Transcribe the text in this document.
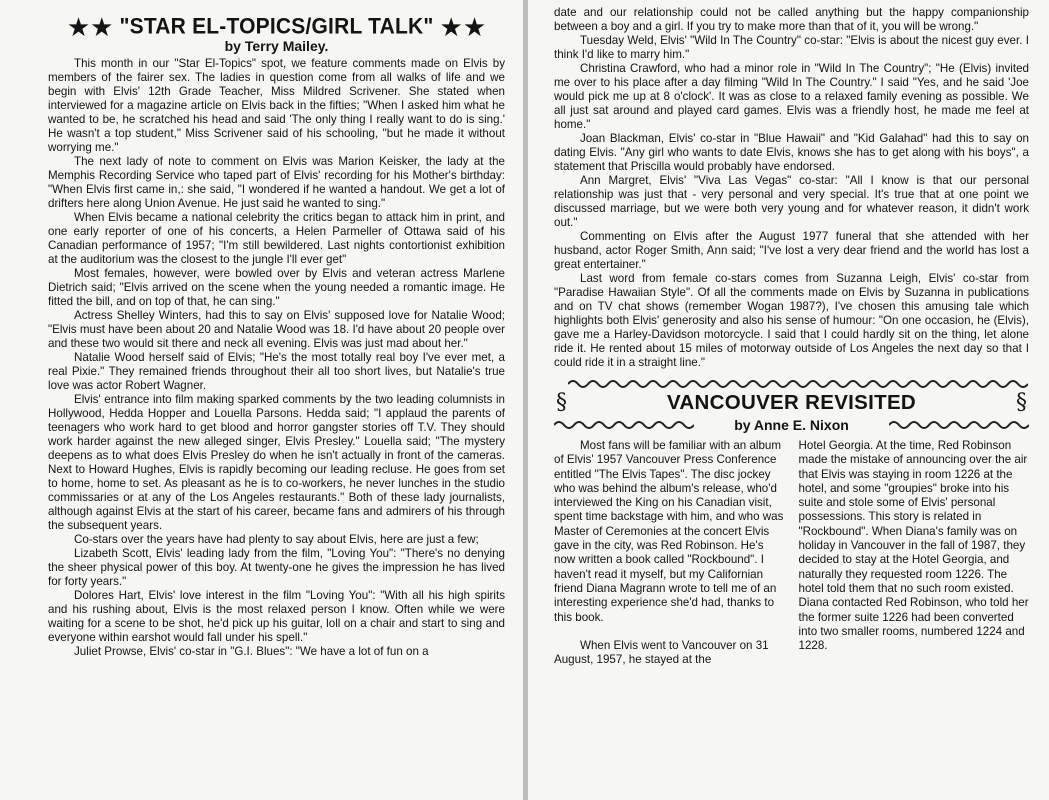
★★ "STAR EL-TOPICS/GIRL TALK" ★★
by Terry Mailey.

This month in our "Star El-Topics" spot, we feature comments made on Elvis by members of the fairer sex. The ladies in question come from all walks of life and we begin with Elvis' 12th Grade Teacher, Miss Mildred Scrivener. She stated when interviewed for a magazine article on Elvis back in the fifties; "When I asked him what he wanted to be, he scratched his head and said 'The only thing I really want to do is sing.' He wasn't a top student," Miss Scrivener said of his schooling, "but he made it without worrying me."

The next lady of note to comment on Elvis was Marion Keisker, the lady at the Memphis Recording Service who taped part of Elvis' recording for his Mother's birthday: "When Elvis first came in,: she said, "I wondered if he wanted a handout. We get a lot of drifters here along Union Avenue. He just said he wanted to sing."

When Elvis became a national celebrity the critics began to attack him in print, and one early reporter of one of his concerts, a Helen Parmeller of Ottawa said of his Canadian performance of 1957; "I'm still bewildered. Last nights contortionist exhibition at the auditorium was the closest to the jungle I'll ever get"

Most females, however, were bowled over by Elvis and veteran actress Marlene Dietrich said; "Elvis arrived on the scene when the young needed a romantic image. He fitted the bill, and on top of that, he can sing."

Actress Shelley Winters, had this to say on Elvis' supposed love for Natalie Wood; "Elvis must have been about 20 and Natalie Wood was 18. I'd have about 20 people over and these two would sit there and neck all evening. Elvis was just mad about her."

Natalie Wood herself said of Elvis; "He's the most totally real boy I've ever met, a real Pixie." They remained friends throughout their all too short lives, but Natalie's true love was actor Robert Wagner.

Elvis' entrance into film making sparked comments by the two leading columnists in Hollywood, Hedda Hopper and Louella Parsons. Hedda said; "I applaud the parents of teenagers who work hard to get blood and horror gangster stories off T.V. They should work harder against the new alleged singer, Elvis Presley." Louella said; "The mystery deepens as to what does Elvis Presley do when he isn't actually in front of the cameras. Next to Howard Hughes, Elvis is rapidly becoming our leading recluse. He goes from set to home, home to set. As pleasant as he is to co-workers, he never lunches in the studio commissaries or at any of the Los Angeles restaurants." Both of these lady journalists, although against Elvis at the start of his career, became fans and admirers of his through the subsequent years.

Co-stars over the years have had plenty to say about Elvis, here are just a few;

Lizabeth Scott, Elvis' leading lady from the film, "Loving You": "There's no denying the sheer physical power of this boy. At twenty-one he gives the impression he has lived for forty years."

Dolores Hart, Elvis' love interest in the film "Loving You": "With all his high spirits and his rushing about, Elvis is the most relaxed person I know. Often while we were waiting for a scene to be shot, he'd pick up his guitar, loll on a chair and start to sing and everyone within earshot would fall under his spell."

Juliet Prowse, Elvis' co-star in "G.I. Blues": "We have a lot of fun on a

date and our relationship could not be called anything but the happy companionship between a boy and a girl. If you try to make more than that of it, you will be wrong."

Tuesday Weld, Elvis' "Wild In The Country" co-star: "Elvis is about the nicest guy ever. I think I'd like to marry him."

Christina Crawford, who had a minor role in "Wild In The Country"; "He (Elvis) invited me over to his place after a day filming "Wild In The Country." I said "Yes, and he said 'Joe would pick me up at 8 o'clock'. It was as close to a relaxed family evening as possible. We all just sat around and played card games. Elvis was a friendly host, he made me feel at home."

Joan Blackman, Elvis' co-star in "Blue Hawaii" and "Kid Galahad" had this to say on dating Elvis. "Any girl who wants to date Elvis, knows she has to get along with his boys", a statement that Priscilla would probably have endorsed.

Ann Margret, Elvis' "Viva Las Vegas" co-star: "All I know is that our personal relationship was just that - very personal and very special. It's true that at one point we discussed marriage, but we were both very young and for whatever reason, it didn't work out."

Commenting on Elvis after the August 1977 funeral that she attended with her husband, actor Roger Smith, Ann said; "I've lost a very dear friend and the world has lost a great entertainer."

Last word from female co-stars comes from Suzanna Leigh, Elvis' co-star from "Paradise Hawaiian Style". Of all the comments made on Elvis by Suzanna in publications and on TV chat shows (remember Wogan 1987?), I've chosen this amusing tale which highlights both Elvis' generosity and also his sense of humour: "On one occasion, he (Elvis), gave me a Harley-Davidson motorcycle. I said that I could hardly sit on the thing, let alone ride it. He rented about 15 miles of motorway outside of Los Angeles the next day so that I could ride it in a straight line."

§	VANCOUVER REVISITED	§
by Anne E. Nixon

Most fans will be familiar with an album of Elvis' 1957 Vancouver Press Conference entitled "The Elvis Tapes". The disc jockey who was behind the album's release, who'd interviewed the King on his Canadian visit, spent time backstage with him, and who was Master of Ceremonies at the concert Elvis gave in the city, was Red Robinson. He's now written a book called "Rockbound". I haven't read it myself, but my Californian friend Diana Magrann wrote to tell me of an interesting experience she'd had, thanks to this book.

When Elvis went to Vancouver on 31 August, 1957, he stayed at the

Hotel Georgia. At the time, Red Robinson made the mistake of announcing over the air that Elvis was staying in room 1226 at the hotel, and some "groupies" broke into his suite and stole some of Elvis' personal possessions. This story is related in "Rockbound". When Diana's family was on holiday in Vancouver in the fall of 1987, they decided to stay at the Hotel Georgia, and naturally they requested room 1226. The hotel told them that no such room existed. Diana contacted Red Robinson, who told her the former suite 1226 had been converted into two smaller rooms, numbered 1224 and 1228.
